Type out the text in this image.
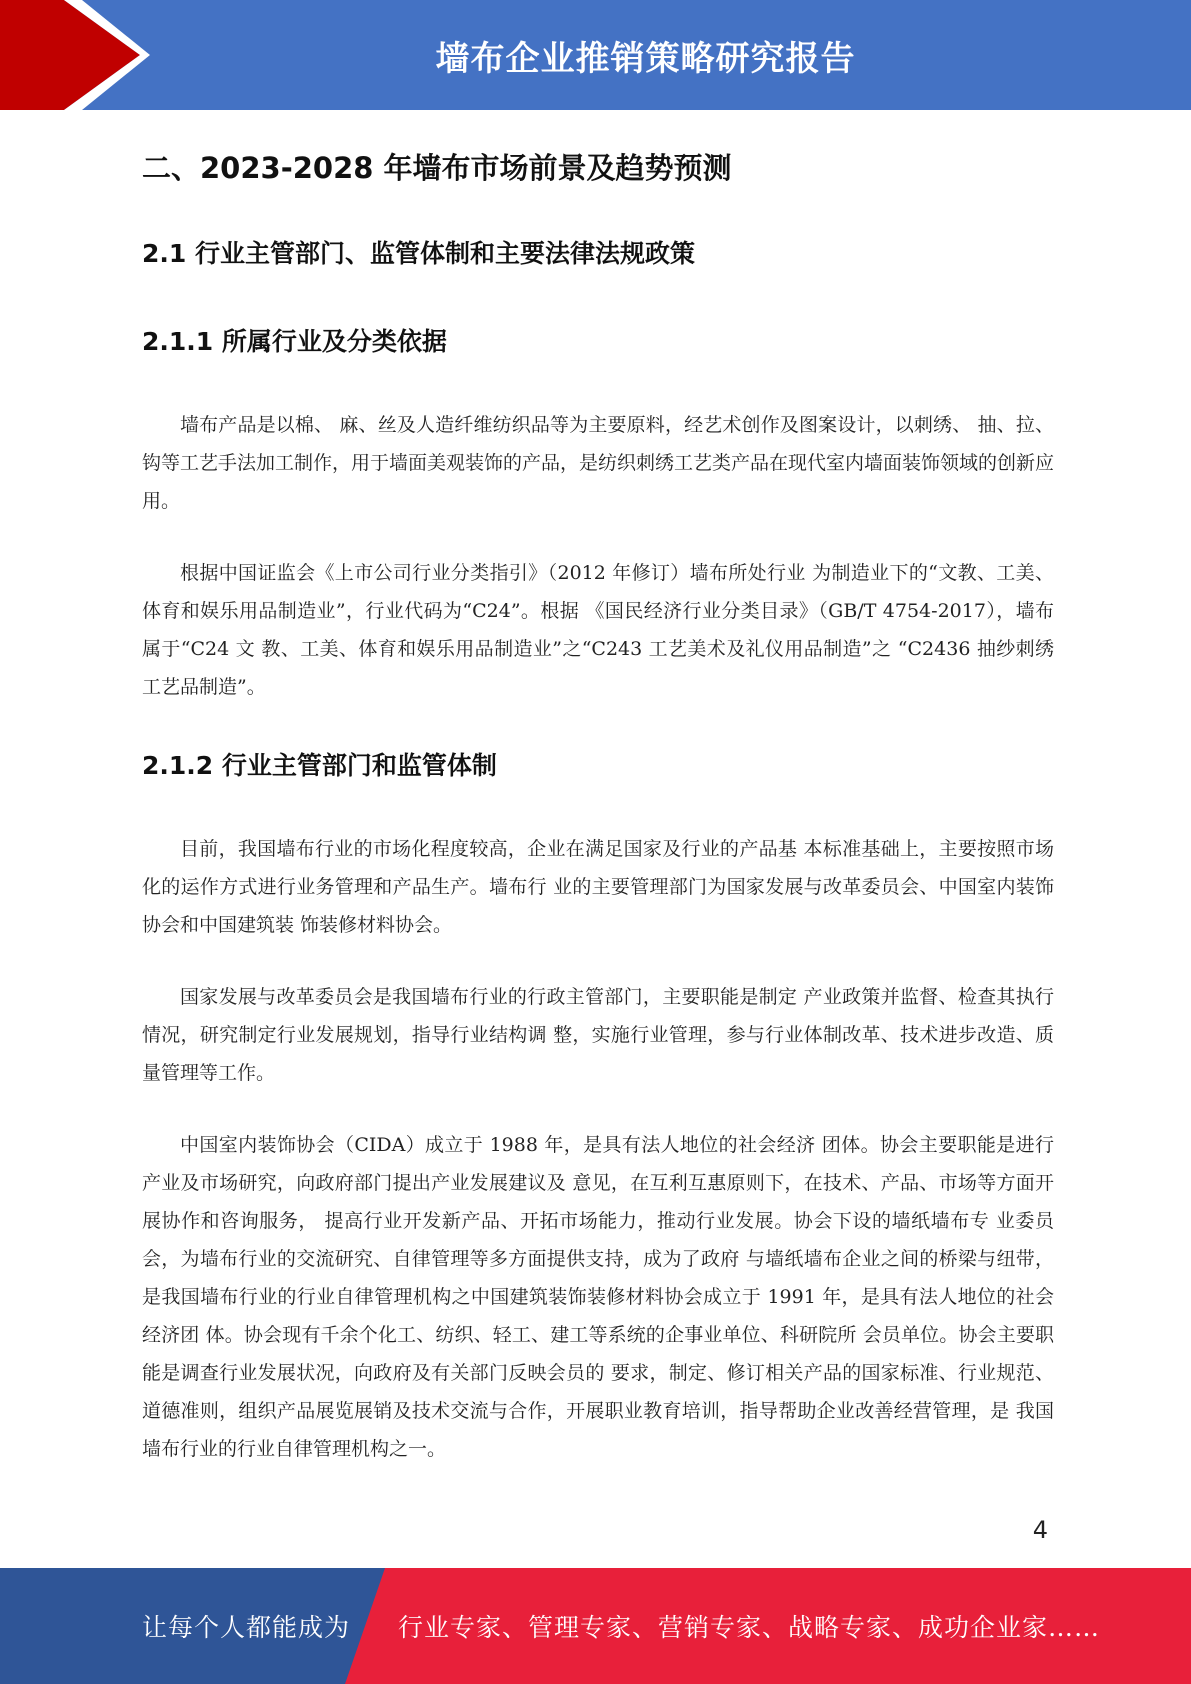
墙布企业推销策略研究报告
二、2023-2028 年墙布市场前景及趋势预测
2.1 行业主管部门、监管体制和主要法律法规政策
2.1.1 所属行业及分类依据

墙布产品是以棉、 麻、丝及人造纤维纺织品等为主要原料，经艺术创作及图案设计，以刺绣、 抽、拉、钩等工艺手法加工制作，用于墙面美观装饰的产品，是纺织刺绣工艺类产品在现代室内墙面装饰领域的创新应用。

根据中国证监会《上市公司行业分类指引》（2012 年修订）墙布所处行业 为制造业下的“文教、工美、体育和娱乐用品制造业”，行业代码为“C24”。根据 《国民经济行业分类目录》（GB/T 4754-2017），墙布属于“C24 文 教、工美、体育和娱乐用品制造业”之“C243 工艺美术及礼仪用品制造”之 “C2436 抽纱刺绣工艺品制造”。

2.1.2 行业主管部门和监管体制

目前，我国墙布行业的市场化程度较高，企业在满足国家及行业的产品基 本标准基础上，主要按照市场化的运作方式进行业务管理和产品生产。墙布行 业的主要管理部门为国家发展与改革委员会、中国室内装饰协会和中国建筑装 饰装修材料协会。

国家发展与改革委员会是我国墙布行业的行政主管部门，主要职能是制定 产业政策并监督、检查其执行情况，研究制定行业发展规划，指导行业结构调 整，实施行业管理，参与行业体制改革、技术进步改造、质量管理等工作。

中国室内装饰协会（CIDA）成立于 1988 年，是具有法人地位的社会经济 团体。协会主要职能是进行产业及市场研究，向政府部门提出产业发展建议及 意见，在互利互惠原则下，在技术、产品、市场等方面开展协作和咨询服务， 提高行业开发新产品、开拓市场能力，推动行业发展。协会下设的墙纸墙布专 业委员会，为墙布行业的交流研究、自律管理等多方面提供支持，成为了政府 与墙纸墙布企业之间的桥梁与纽带，是我国墙布行业的行业自律管理机构之中国建筑装饰装修材料协会成立于 1991 年，是具有法人地位的社会经济团 体。协会现有千余个化工、纺织、轻工、建工等系统的企事业单位、科研院所 会员单位。协会主要职能是调查行业发展状况，向政府及有关部门反映会员的 要求，制定、修订相关产品的国家标准、行业规范、道德准则，组织产品展览展销及技术交流与合作，开展职业教育培训，指导帮助企业改善经营管理，是 我国墙布行业的行业自律管理机构之一。

4
让每个人都能成为 行业专家、管理专家、营销专家、战略专家、成功企业家……
